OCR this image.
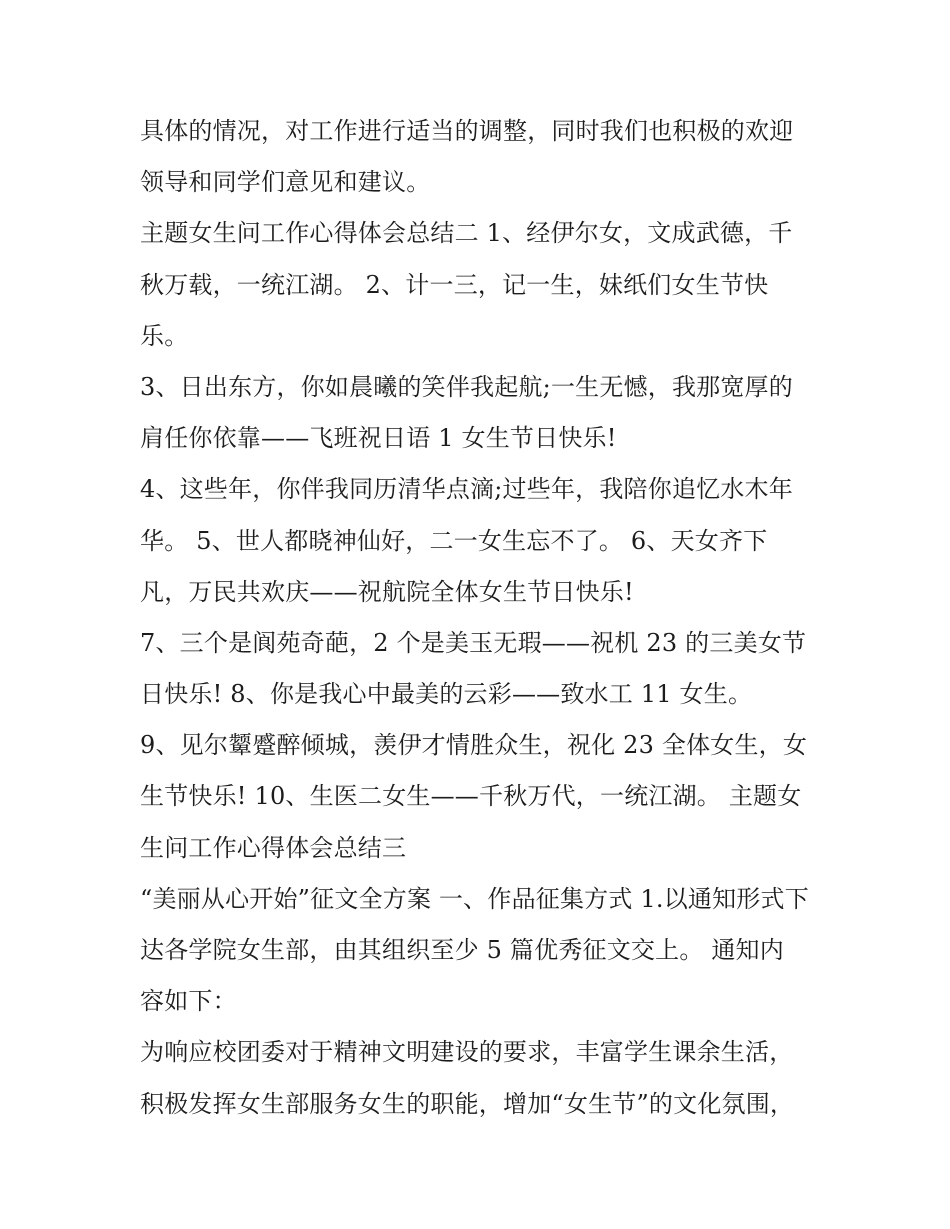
具体的情况，对工作进行适当的调整，同时我们也积极的欢迎
领导和同学们意见和建议。
主题女生问工作心得体会总结二 1、经伊尔女，文成武德，千
秋万载，一统江湖。 2、计一三，记一生，妹纸们女生节快
乐。
3、日出东方，你如晨曦的笑伴我起航;一生无憾，我那宽厚的
肩任你依靠——飞班祝日语 1 女生节日快乐!
4、这些年，你伴我同历清华点滴;过些年，我陪你追忆水木年
华。 5、世人都晓神仙好，二一女生忘不了。 6、天女齐下
凡，万民共欢庆——祝航院全体女生节日快乐!
7、三个是阆苑奇葩，2 个是美玉无瑕——祝机 23 的三美女节
日快乐! 8、你是我心中最美的云彩——致水工 11 女生。
9、见尔颦蹙醉倾城，羡伊才情胜众生，祝化 23 全体女生，女
生节快乐! 10、生医二女生——千秋万代，一统江湖。 主题女
生问工作心得体会总结三
“美丽从心开始”征文全方案 一、作品征集方式 1.以通知形式下
达各学院女生部，由其组织至少 5 篇优秀征文交上。 通知内
容如下：
为响应校团委对于精神文明建设的要求，丰富学生课余生活，
积极发挥女生部服务女生的职能，增加“女生节”的文化氛围，
